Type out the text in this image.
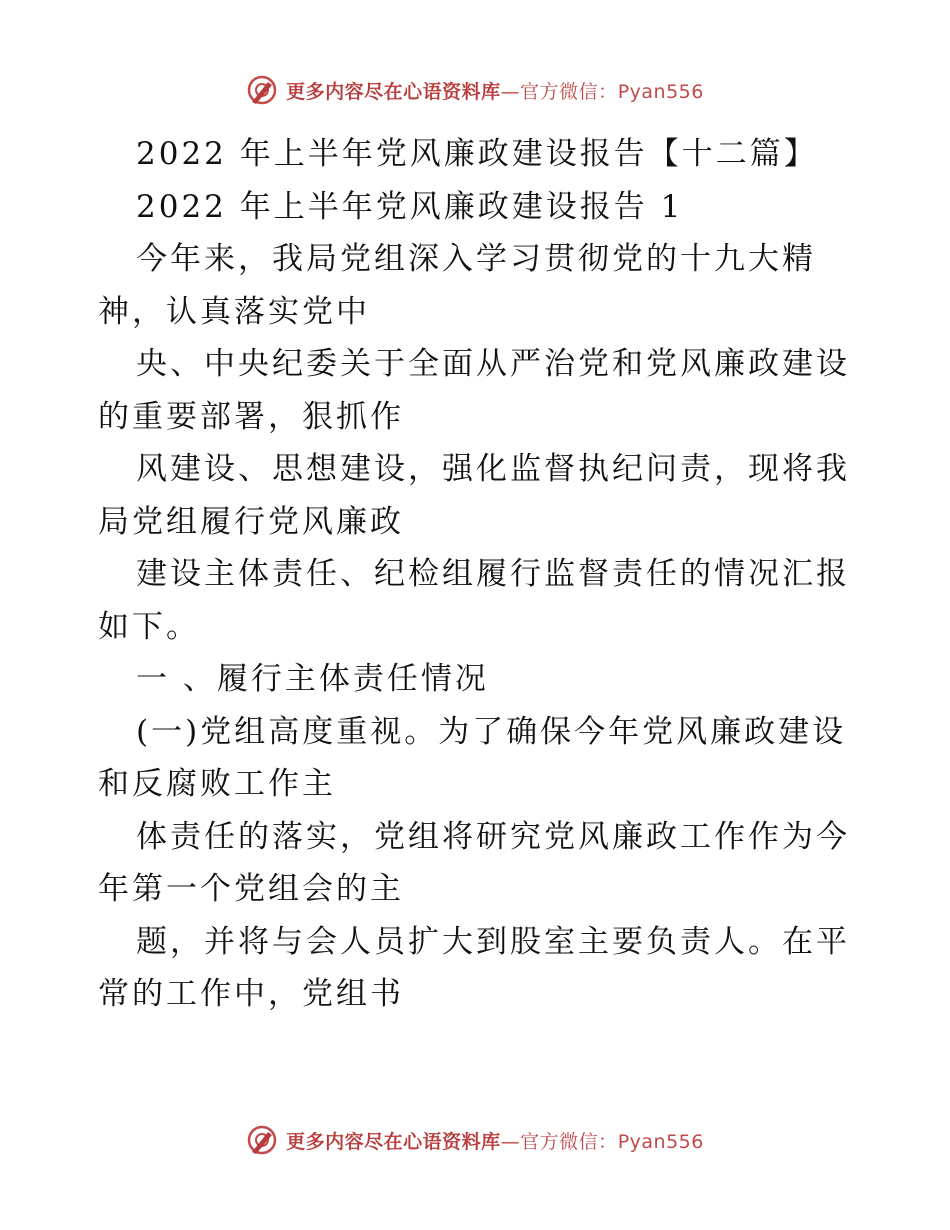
更多内容尽在心语资料库—官方微信：Pyan556
2022 年上半年党风廉政建设报告【十二篇】
2022 年上半年党风廉政建设报告 1
今年来，我局党组深入学习贯彻党的十九大精
神，认真落实党中
央、中央纪委关于全面从严治党和党风廉政建设
的重要部署，狠抓作
风建设、思想建设，强化监督执纪问责，现将我
局党组履行党风廉政
建设主体责任、纪检组履行监督责任的情况汇报
如下。
一 、履行主体责任情况
(一)党组高度重视。为了确保今年党风廉政建设
和反腐败工作主
体责任的落实，党组将研究党风廉政工作作为今
年第一个党组会的主
题，并将与会人员扩大到股室主要负责人。在平
常的工作中，党组书
更多内容尽在心语资料库—官方微信：Pyan556
